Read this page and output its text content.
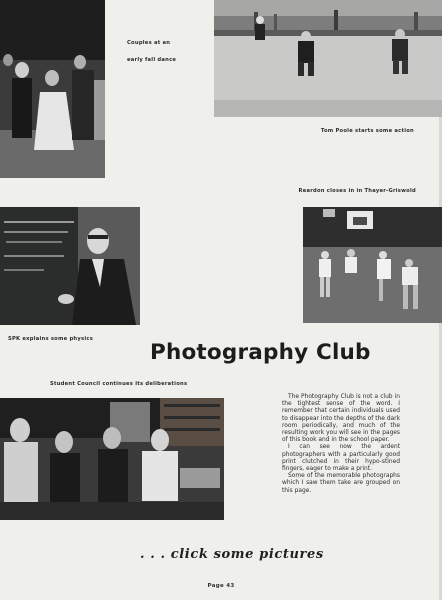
Couples at an
early fall dance
Tom Poole starts some action
Reardon closes in in Thayer-Griswold
SPK explains some physics
Photography Club
Student Council continues its deliberations

The Photography Club is not a club in the tightest sense of the word. I remember that certain individuals used to disappear into the depths of the dark room periodically, and much of the resulting work you will see in the pages of this book and in the school paper.

I can see now the ardent photographers with a particularly good print clutched in their hypo-stined fingers, eager to make a print.

Some of the memorable photographs which I saw them take are grouped on this page.

. . . click some pictures
Page 43
